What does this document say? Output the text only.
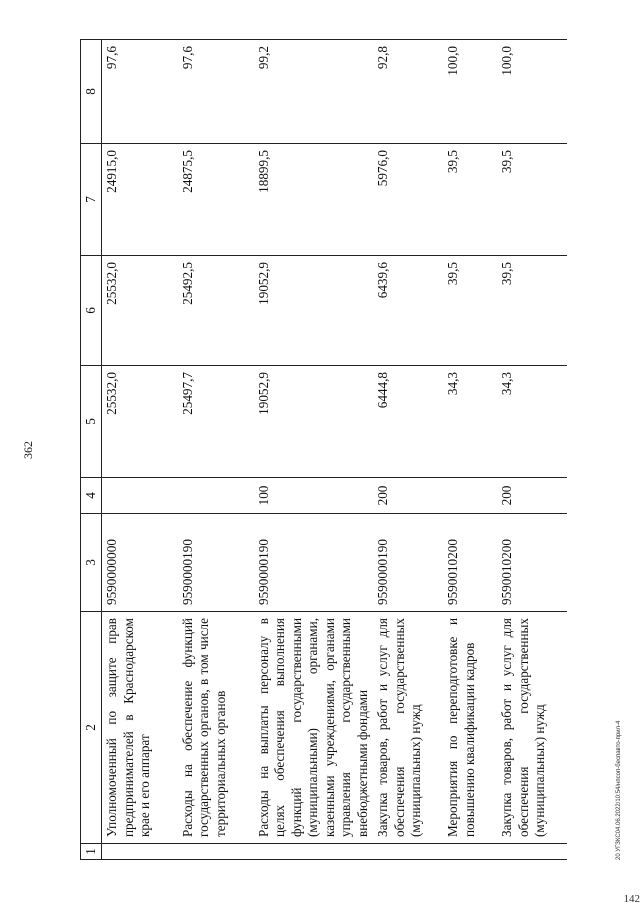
362
1	2	3	4	5	6	7	8
	Уполномоченный по защите прав предпринимателей в Краснодарском крае и его аппарат	9590000000		25532,0	25532,0	24915,0	97,6
	Расходы на обеспечение функций государственных органов, в том числе территориальных органов	9590000190		25497,7	25492,5	24875,5	97,6
	Расходы на выплаты персоналу в целях обеспечения выполнения функций государственными (муниципальными) органами, казенными учреждениями, органами управления государственными внебюджетными фондами	9590000190	100	19052,9	19052,9	18899,5	99,2
	Закупка товаров, работ и услуг для обеспечения государственных (муниципальных) нужд	9590000190	200	6444,8	6439,6	5976,0	92,8
	Мероприятия по переподготовке и повышению квалификации кадров	9590010200		34,3	39,5	39,5	100,0
	Закупка товаров, работ и услуг для обеспечения государственных (муниципальных) нужд	9590010200	200	34,3	39,5	39,5	100,0
20 УГЗКС04.06.2022/10:54/нпсоп-беспавто-прил-4
142
